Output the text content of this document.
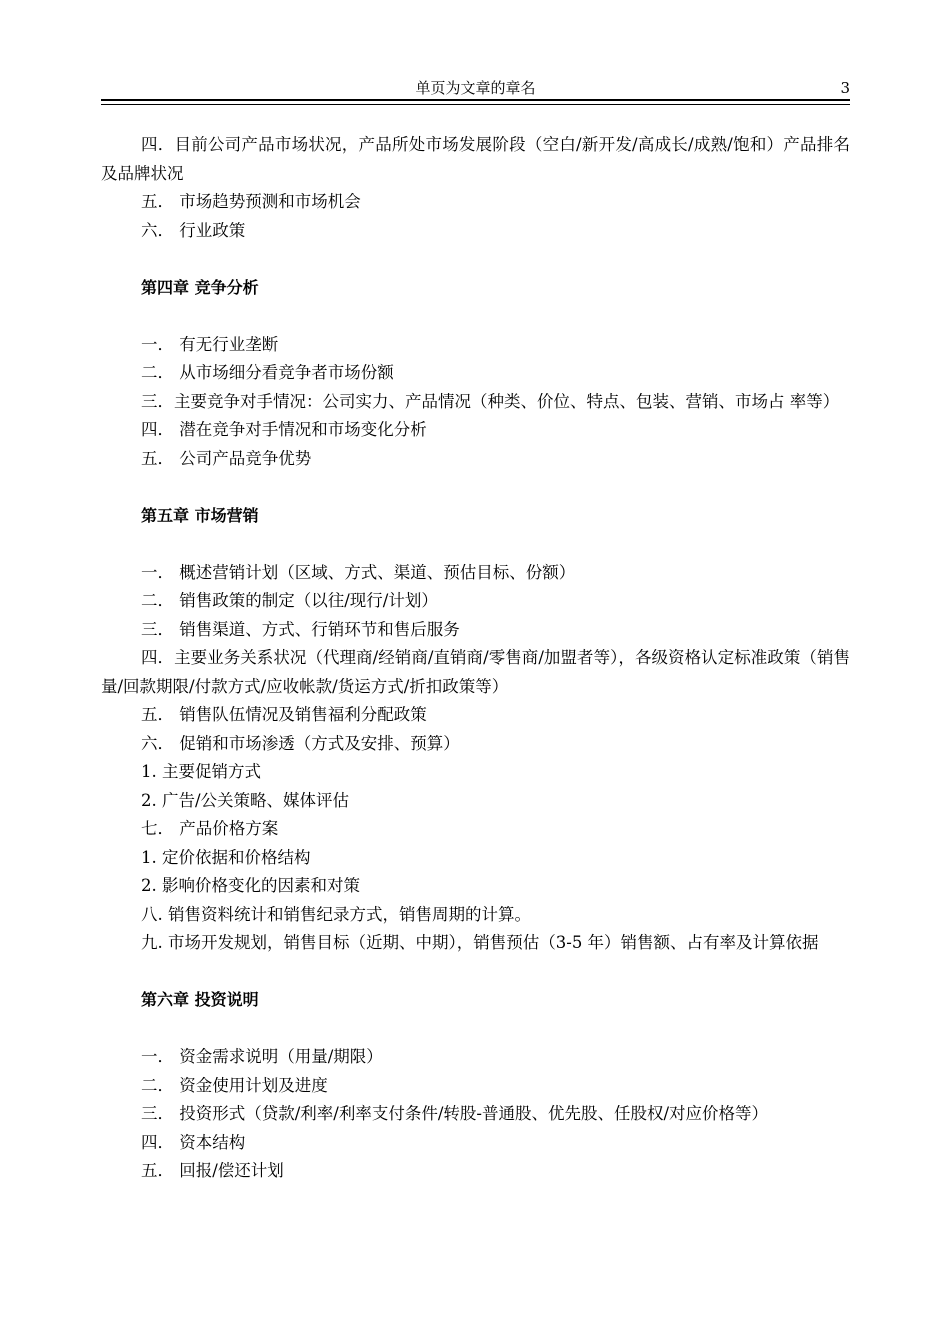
单页为文章的章名	3

四．目前公司产品市场状况，产品所处市场发展阶段（空白/新开发/高成长/成熟/饱和）产品排名及品牌状况

五． 市场趋势预测和市场机会

六． 行业政策

第四章 竞争分析

一． 有无行业垄断

二． 从市场细分看竞争者市场份额

三．主要竞争对手情况：公司实力、产品情况（种类、价位、特点、包装、营销、市场占 率等）

四． 潜在竞争对手情况和市场变化分析

五． 公司产品竞争优势

第五章 市场营销

一． 概述营销计划（区域、方式、渠道、预估目标、份额）

二． 销售政策的制定（以往/现行/计划）

三． 销售渠道、方式、行销环节和售后服务

四．主要业务关系状况（代理商/经销商/直销商/零售商/加盟者等），各级资格认定标准政策（销售量/回款期限/付款方式/应收帐款/货运方式/折扣政策等）

五． 销售队伍情况及销售福利分配政策

六． 促销和市场渗透（方式及安排、预算）

1. 主要促销方式

2. 广告/公关策略、媒体评估

七． 产品价格方案

1. 定价依据和价格结构

2. 影响价格变化的因素和对策

八. 销售资料统计和销售纪录方式，销售周期的计算。

九. 市场开发规划，销售目标（近期、中期），销售预估（3-5 年）销售额、占有率及计算依据

第六章 投资说明

一． 资金需求说明（用量/期限）

二． 资金使用计划及进度

三． 投资形式（贷款/利率/利率支付条件/转股-普通股、优先股、任股权/对应价格等）

四． 资本结构

五． 回报/偿还计划
